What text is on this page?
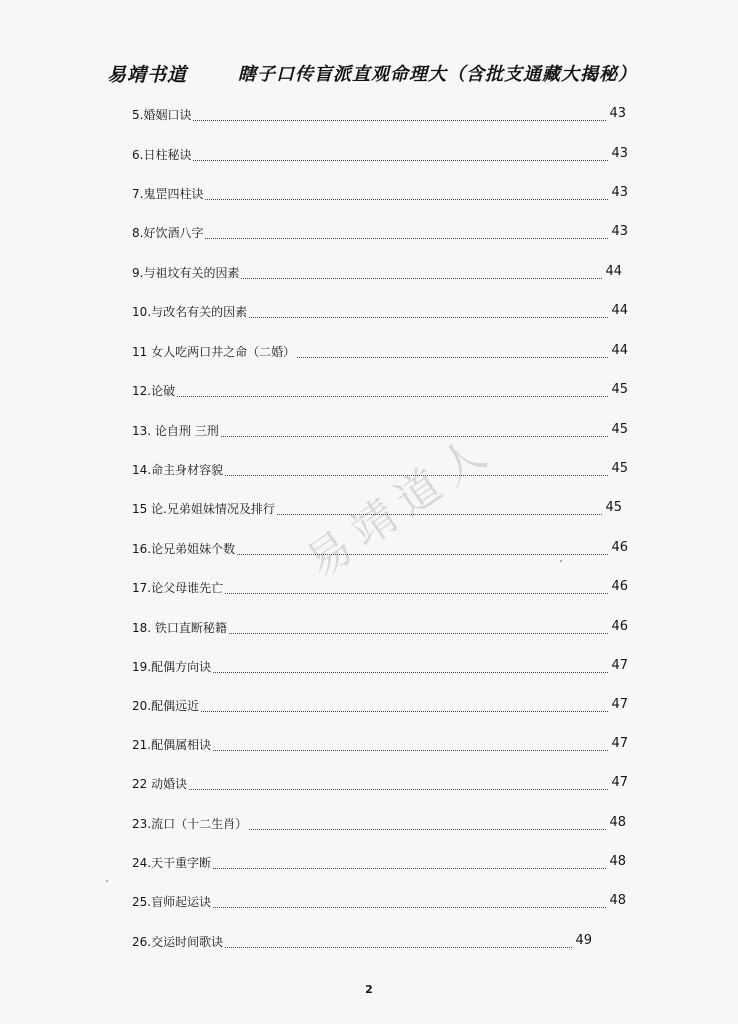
易靖书道	瞎子口传盲派直观命理大（含批支通藏大揭秘）
易靖道人
5.婚姻口诀	43
6.日柱秘诀	43
7.鬼罡四柱诀	43
8.好饮酒八字	43
9.与祖坟有关的因素	44
10.与改名有关的因素	44
11 女人吃两口井之命（二婚）	44
12.论破	45
13. 论自刑 三刑	45
14.命主身材容貌	45
15 论.兄弟姐妹情况及排行	45
16.论兄弟姐妹个数	46
17.论父母谁先亡	46
18. 铁口直断秘籍	46
19.配偶方向诀	47
20.配偶远近	47
21.配偶属相诀	47
22 动婚诀	47
23.流口（十二生肖）	48
24.天干重字断	48
25.盲师起运诀	48
26.交运时间歌诀	49
2
